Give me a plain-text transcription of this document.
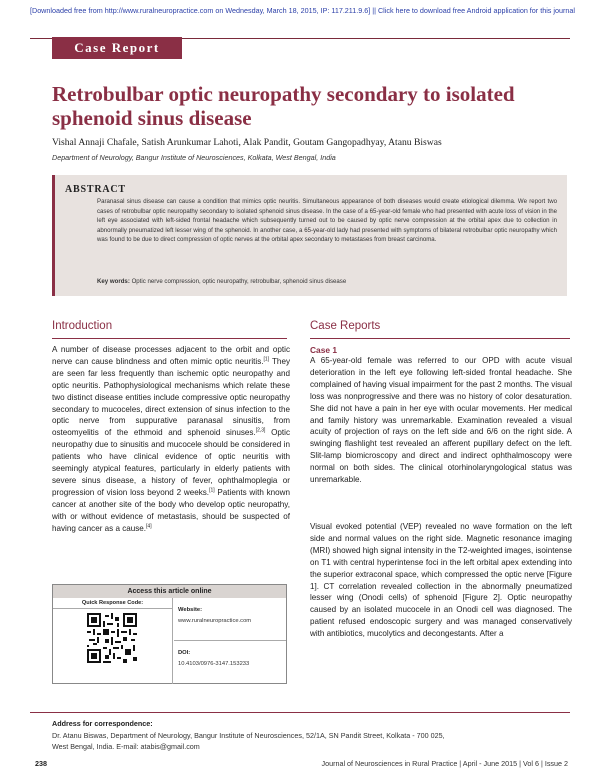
[Downloaded free from http://www.ruralneuropractice.com on Wednesday, March 18, 2015, IP: 117.211.9.6] || Click here to download free Android application for this journal
Case Report
Retrobulbar optic neuropathy secondary to isolated sphenoid sinus disease
Vishal Annaji Chafale, Satish Arunkumar Lahoti, Alak Pandit, Goutam Gangopadhyay, Atanu Biswas
Department of Neurology, Bangur Institute of Neurosciences, Kolkata, West Bengal, India
ABSTRACT
Paranasal sinus disease can cause a condition that mimics optic neuritis. Simultaneous appearance of both diseases would create etiological dilemma. We report two cases of retrobulbar optic neuropathy secondary to isolated sphenoid sinus disease. In the case of a 65-year-old female who had presented with acute loss of vision in the left eye associated with left-sided frontal headache which subsequently turned out to be caused by optic nerve compression at the orbital apex due to collection in abnormally pneumatized left lesser wing of the sphenoid. In another case, a 65-year-old lady had presented with symptoms of bilateral retrobulbar optic neuropathy which was found to be due to direct compression of optic nerves at the orbital apex secondary to metastases from breast carcinoma.
Key words: Optic nerve compression, optic neuropathy, retrobulbar, sphenoid sinus disease
Introduction
A number of disease processes adjacent to the orbit and optic nerve can cause blindness and often mimic optic neuritis.[1] They are seen far less frequently than ischemic optic neuropathy and optic neuritis. Pathophysiological mechanisms which relate these two distinct disease entities include compressive optic neuropathy secondary to mucoceles, direct extension of sinus infection to the optic nerve from suppurative paranasal sinusitis, from osteomyelitis of the ethmoid and sphenoid sinuses.[2,3] Optic neuropathy due to sinusitis and mucocele should be considered in patients who have clinical evidence of optic neuritis with seemingly atypical features, particularly in elderly patients with severe sinus disease, a history of fever, ophthalmoplegia or progression of vision loss beyond 2 weeks.[1] Patients with known cancer at another site of the body who develop optic neuropathy, with or without evidence of metastasis, should be suspected of having cancer as a cause.[4]
Case Reports
Case 1
A 65-year-old female was referred to our OPD with acute visual deterioration in the left eye following left-sided frontal headache. She complained of having visual impairment for the past 2 months. The visual loss was nonprogressive and there was no history of color desaturation. She did not have a pain in her eye with ocular movements. Her medical and family history was unremarkable. Examination revealed a visual acuity of projection of rays on the left side and 6/6 on the right side. A swinging flashlight test revealed an afferent pupillary defect on the left. Slit-lamp biomicroscopy and direct and indirect ophthalmoscopy were normal on both sides. The clinical otorhinolaryngological status was unremarkable.
Visual evoked potential (VEP) revealed no wave formation on the left side and normal values on the right side. Magnetic resonance imaging (MRI) showed high signal intensity in the T2-weighted images, isointense on T1 with central hyperintense foci in the left orbital apex extending into the superior extraconal space, which compressed the optic nerve [Figure 1]. CT correlation revealed collection in the abnormally pneumatized lesser wing (Onodi cells) of sphenoid [Figure 2]. Optic neuropathy caused by an isolated mucocele in an Onodi cell was diagnosed. The patient refused endoscopic surgery and was managed conservatively with antibiotics, mucolytics and decongestants. After a
Access this article online
Quick Response Code:
Website:
www.ruralneuropractice.com
DOI:
10.4103/0976-3147.153233
Address for correspondence:
Dr. Atanu Biswas, Department of Neurology, Bangur Institute of Neurosciences, 52/1A, SN Pandit Street, Kolkata - 700 025,
West Bengal, India. E-mail: atabis@gmail.com
238	Journal of Neurosciences in Rural Practice | April - June 2015 | Vol 6 | Issue 2
